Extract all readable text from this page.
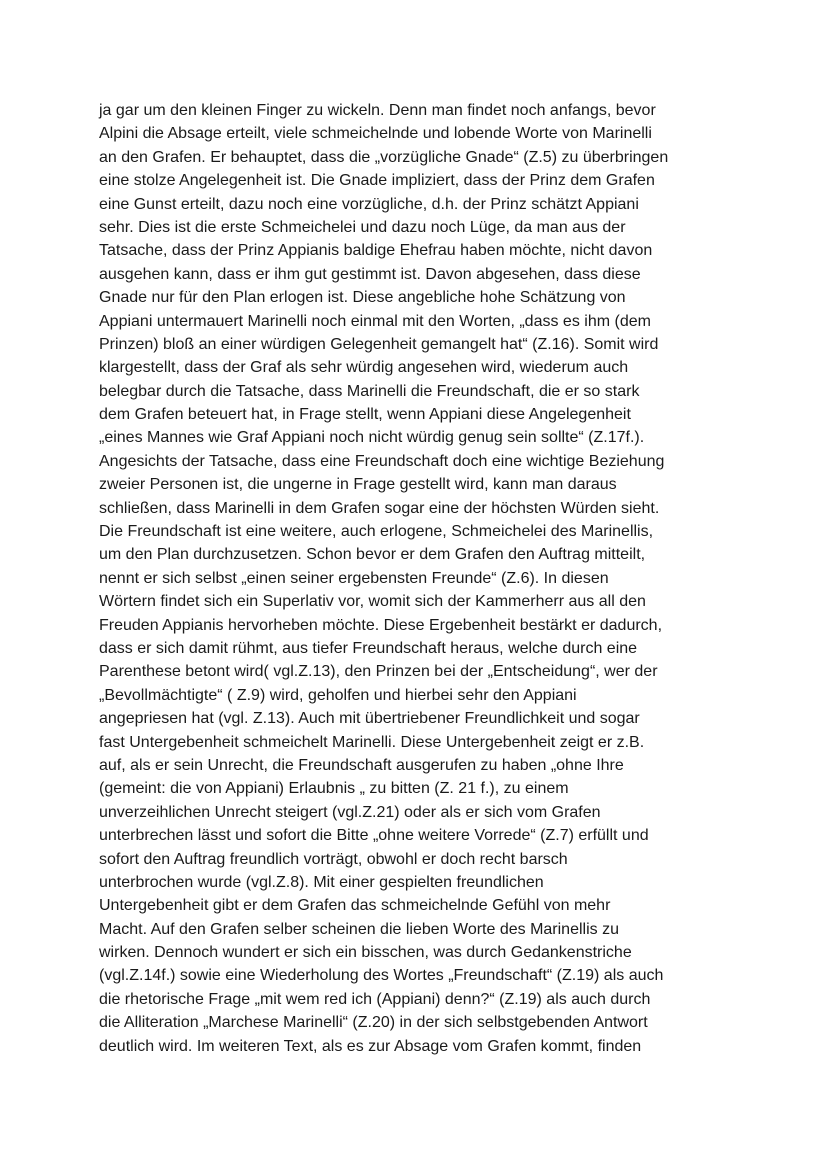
ja gar um den kleinen Finger zu wickeln. Denn man findet noch anfangs, bevor
Alpini die Absage erteilt, viele schmeichelnde und lobende Worte von Marinelli
an den Grafen. Er behauptet, dass die „vorzügliche Gnade“ (Z.5) zu überbringen
eine stolze Angelegenheit ist. Die Gnade impliziert, dass der Prinz dem Grafen
eine Gunst erteilt, dazu noch eine vorzügliche, d.h. der Prinz schätzt Appiani
sehr. Dies ist die erste Schmeichelei und dazu noch Lüge, da man aus der
Tatsache, dass der Prinz Appianis baldige Ehefrau haben möchte, nicht davon
ausgehen kann, dass er ihm gut gestimmt ist. Davon abgesehen, dass diese
Gnade nur für den Plan erlogen ist. Diese angebliche hohe Schätzung von
Appiani untermauert Marinelli noch einmal mit den Worten, „dass es ihm (dem
Prinzen) bloß an einer würdigen Gelegenheit gemangelt hat“ (Z.16). Somit wird
klargestellt, dass der Graf als sehr würdig angesehen wird, wiederum auch
belegbar durch die Tatsache, dass Marinelli die Freundschaft, die er so stark
dem Grafen beteuert hat, in Frage stellt, wenn Appiani diese Angelegenheit
„eines Mannes wie Graf Appiani noch nicht würdig genug sein sollte“ (Z.17f.).
Angesichts der Tatsache, dass eine Freundschaft doch eine wichtige Beziehung
zweier Personen ist, die ungerne in Frage gestellt wird, kann man daraus
schließen, dass Marinelli in dem Grafen sogar eine der höchsten Würden sieht.
Die Freundschaft ist eine weitere, auch erlogene, Schmeichelei des Marinellis,
um den Plan durchzusetzen. Schon bevor er dem Grafen den Auftrag mitteilt,
nennt er sich selbst „einen seiner ergebensten Freunde“ (Z.6). In diesen
Wörtern findet sich ein Superlativ vor, womit sich der Kammerherr aus all den
Freuden Appianis hervorheben möchte. Diese Ergebenheit bestärkt er dadurch,
dass er sich damit rühmt, aus tiefer Freundschaft heraus, welche durch eine
Parenthese betont wird( vgl.Z.13), den Prinzen bei der „Entscheidung“, wer der
„Bevollmächtigte“ ( Z.9) wird, geholfen und hierbei sehr den Appiani
angepriesen hat (vgl. Z.13). Auch mit übertriebener Freundlichkeit und sogar
fast Untergebenheit schmeichelt Marinelli. Diese Untergebenheit zeigt er z.B.
auf, als er sein Unrecht, die Freundschaft ausgerufen zu haben „ohne Ihre
(gemeint: die von Appiani) Erlaubnis „ zu bitten (Z. 21 f.), zu einem
unverzeihlichen Unrecht steigert (vgl.Z.21) oder als er sich vom Grafen
unterbrechen lässt und sofort die Bitte „ohne weitere Vorrede“ (Z.7) erfüllt und
sofort den Auftrag freundlich vorträgt, obwohl er doch recht barsch
unterbrochen wurde (vgl.Z.8). Mit einer gespielten freundlichen
Untergebenheit gibt er dem Grafen das schmeichelnde Gefühl von mehr
Macht. Auf den Grafen selber scheinen die lieben Worte des Marinellis zu
wirken. Dennoch wundert er sich ein bisschen, was durch Gedankenstriche
(vgl.Z.14f.) sowie eine Wiederholung des Wortes „Freundschaft“ (Z.19) als auch
die rhetorische Frage „mit wem red ich (Appiani) denn?“ (Z.19) als auch durch
die Alliteration „Marchese Marinelli“ (Z.20) in der sich selbstgebenden Antwort
deutlich wird. Im weiteren Text, als es zur Absage vom Grafen kommt, finden
